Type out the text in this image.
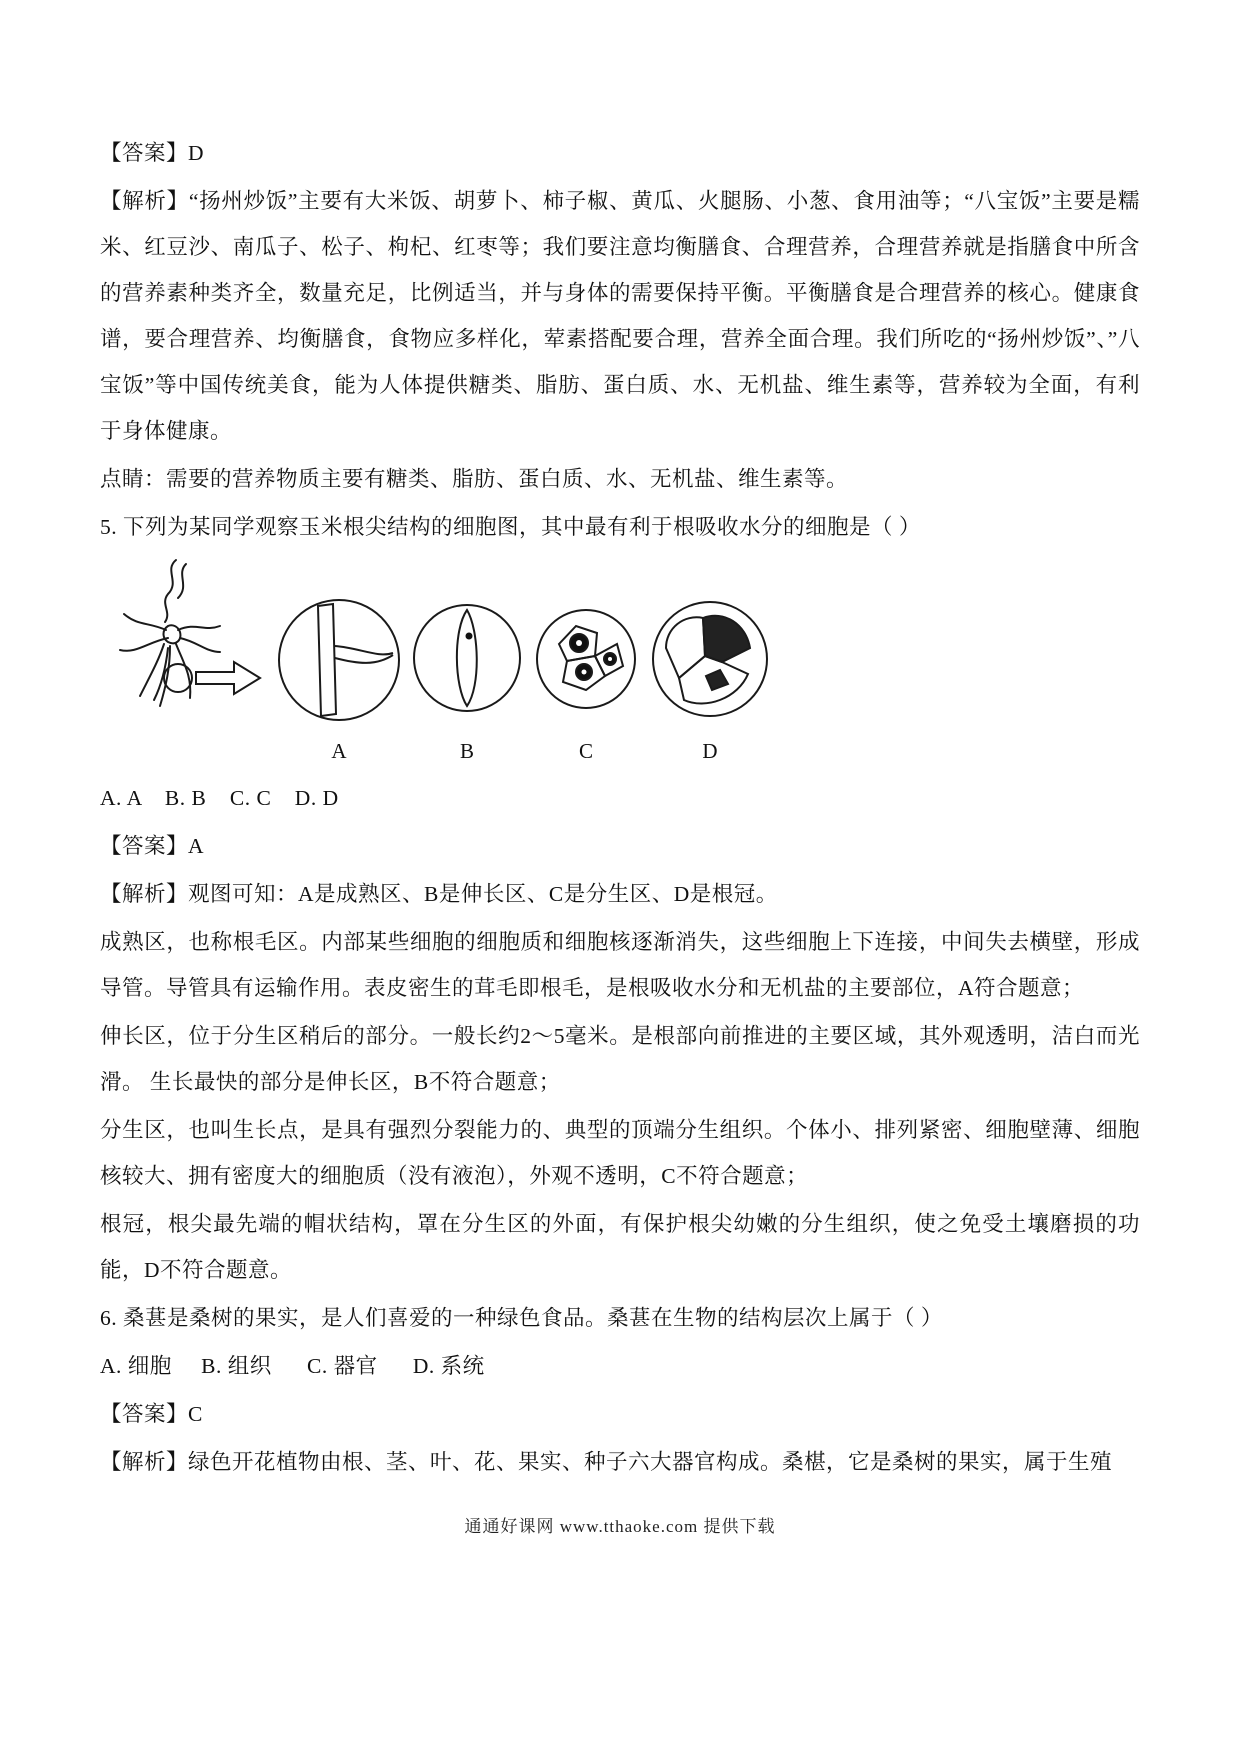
【答案】D

【解析】“扬州炒饭”主要有大米饭、胡萝卜、柿子椒、黄瓜、火腿肠、小葱、食用油等；“八宝饭”主要是糯米、红豆沙、南瓜子、松子、枸杞、红枣等；我们要注意均衡膳食、合理营养，合理营养就是指膳食中所含的营养素种类齐全，数量充足，比例适当，并与身体的需要保持平衡。平衡膳食是合理营养的核心。健康食谱，要合理营养、均衡膳食，食物应多样化，荤素搭配要合理，营养全面合理。我们所吃的“扬州炒饭”、”八宝饭”等中国传统美食，能为人体提供糖类、脂肪、蛋白质、水、无机盐、维生素等，营养较为全面，有利于身体健康。

点睛：需要的营养物质主要有糖类、脂肪、蛋白质、水、无机盐、维生素等。

5. 下列为某同学观察玉米根尖结构的细胞图，其中最有利于根吸收水分的细胞是（ ）

A	B	C	D

A. A    B. B    C. C    D. D

【答案】A

【解析】观图可知：A是成熟区、B是伸长区、C是分生区、D是根冠。

成熟区，也称根毛区。内部某些细胞的细胞质和细胞核逐渐消失，这些细胞上下连接，中间失去横壁，形成导管。导管具有运输作用。表皮密生的茸毛即根毛，是根吸收水分和无机盐的主要部位，A符合题意；

伸长区，位于分生区稍后的部分。一般长约2～5毫米。是根部向前推进的主要区域，其外观透明，洁白而光滑。 生长最快的部分是伸长区，B不符合题意；

分生区，也叫生长点，是具有强烈分裂能力的、典型的顶端分生组织。个体小、排列紧密、细胞壁薄、细胞核较大、拥有密度大的细胞质（没有液泡），外观不透明，C不符合题意；

根冠，根尖最先端的帽状结构，罩在分生区的外面，有保护根尖幼嫩的分生组织，使之免受土壤磨损的功能，D不符合题意。

6. 桑葚是桑树的果实，是人们喜爱的一种绿色食品。桑葚在生物的结构层次上属于（ ）

A. 细胞     B. 组织      C. 器官      D. 系统

【答案】C

【解析】绿色开花植物由根、茎、叶、花、果实、种子六大器官构成。桑椹，它是桑树的果实，属于生殖

通通好课网 www.tthaoke.com 提供下载
